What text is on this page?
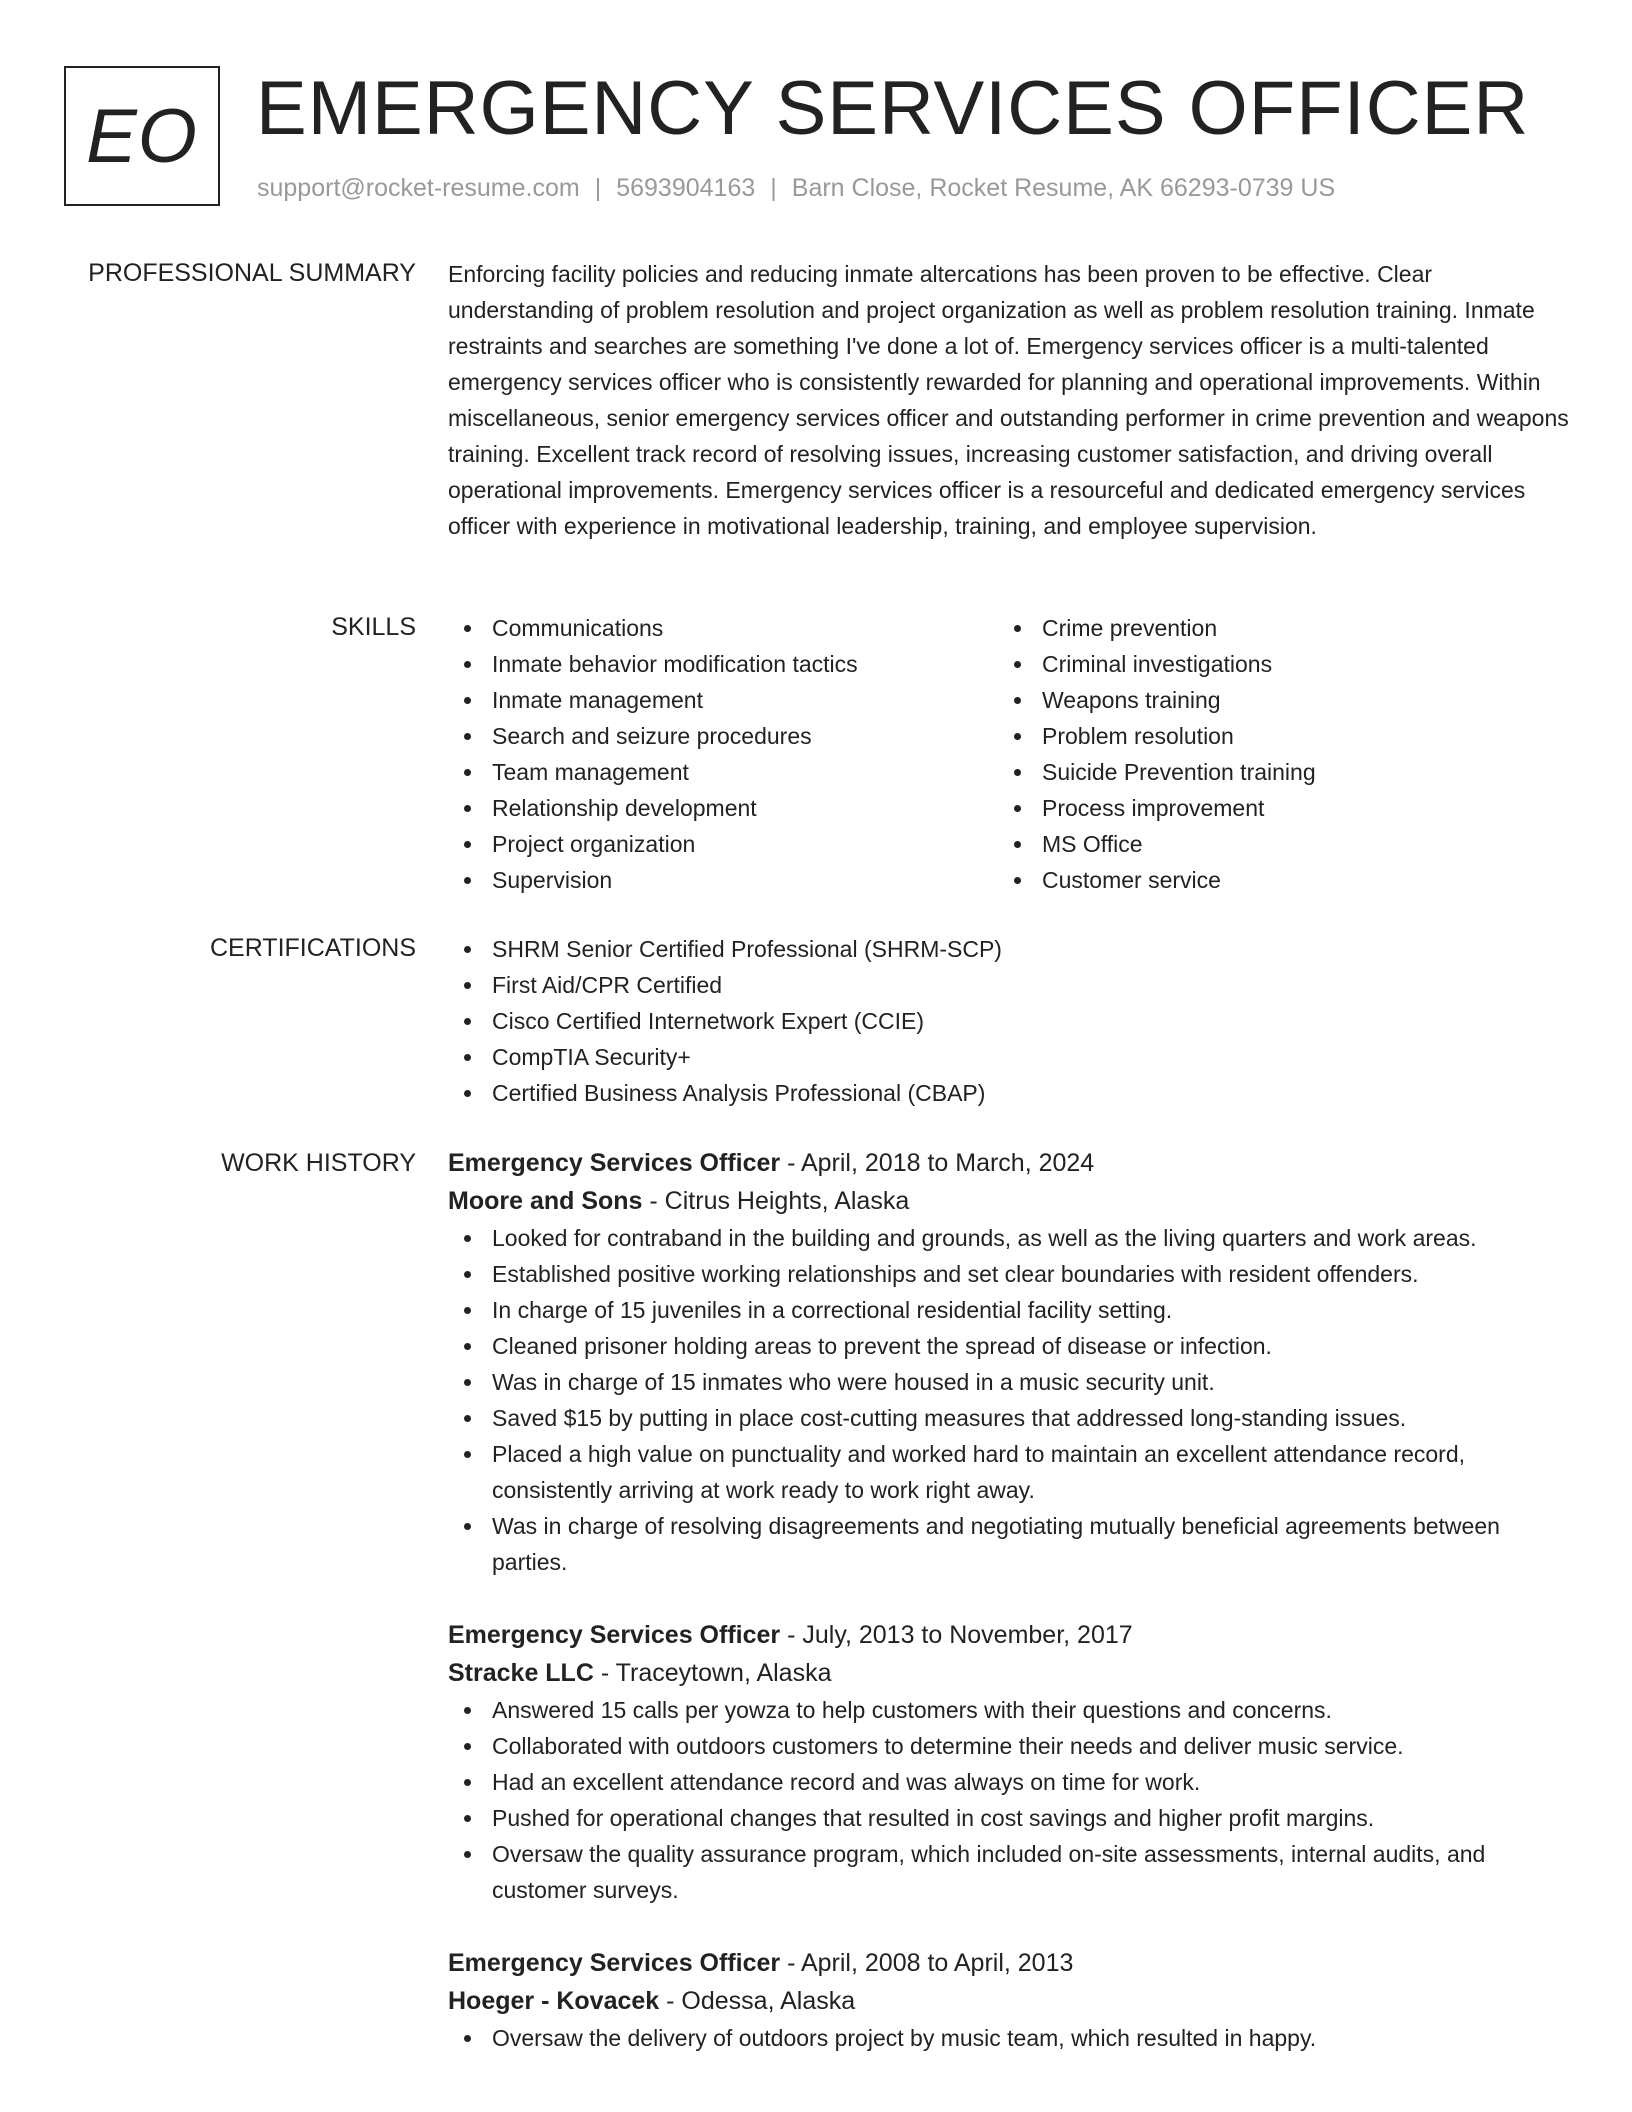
EO EMERGENCY SERVICES OFFICER
support@rocket-resume.com | 5693904163 | Barn Close, Rocket Resume, AK 66293-0739 US
PROFESSIONAL SUMMARY Enforcing facility policies and reducing inmate altercations has been proven to be effective. Clear understanding of problem resolution and project organization as well as problem resolution training. Inmate restraints and searches are something I've done a lot of. Emergency services officer is a multi-talented emergency services officer who is consistently rewarded for planning and operational improvements. Within miscellaneous, senior emergency services officer and outstanding performer in crime prevention and weapons training. Excellent track record of resolving issues, increasing customer satisfaction, and driving overall operational improvements. Emergency services officer is a resourceful and dedicated emergency services officer with experience in motivational leadership, training, and employee supervision.

SKILLS	Communications
Inmate behavior modification tactics
Inmate management
Search and seizure procedures
Team management
Relationship development
Project organization
Supervision
Crime prevention
Criminal investigations
Weapons training
Problem resolution
Suicide Prevention training
Process improvement
MS Office
Customer service
CERTIFICATIONS	SHRM Senior Certified Professional (SHRM-SCP)
First Aid/CPR Certified
Cisco Certified Internetwork Expert (CCIE)
CompTIA Security+
Certified Business Analysis Professional (CBAP)
WORK HISTORY Emergency Services Officer - April, 2018 to March, 2024
Moore and Sons - Citrus Heights, Alaska
Looked for contraband in the building and grounds, as well as the living quarters and work areas.
Established positive working relationships and set clear boundaries with resident offenders.
In charge of 15 juveniles in a correctional residential facility setting.
Cleaned prisoner holding areas to prevent the spread of disease or infection.
Was in charge of 15 inmates who were housed in a music security unit.
Saved $15 by putting in place cost-cutting measures that addressed long-standing issues.
Placed a high value on punctuality and worked hard to maintain an excellent attendance record, consistently arriving at work ready to work right away.
Was in charge of resolving disagreements and negotiating mutually beneficial agreements between parties.
Emergency Services Officer - July, 2013 to November, 2017
Stracke LLC - Traceytown, Alaska
Answered 15 calls per yowza to help customers with their questions and concerns.
Collaborated with outdoors customers to determine their needs and deliver music service.
Had an excellent attendance record and was always on time for work.
Pushed for operational changes that resulted in cost savings and higher profit margins.
Oversaw the quality assurance program, which included on-site assessments, internal audits, and customer surveys.
Emergency Services Officer - April, 2008 to April, 2013
Hoeger - Kovacek - Odessa, Alaska
Oversaw the delivery of outdoors project by music team, which resulted in happy.
